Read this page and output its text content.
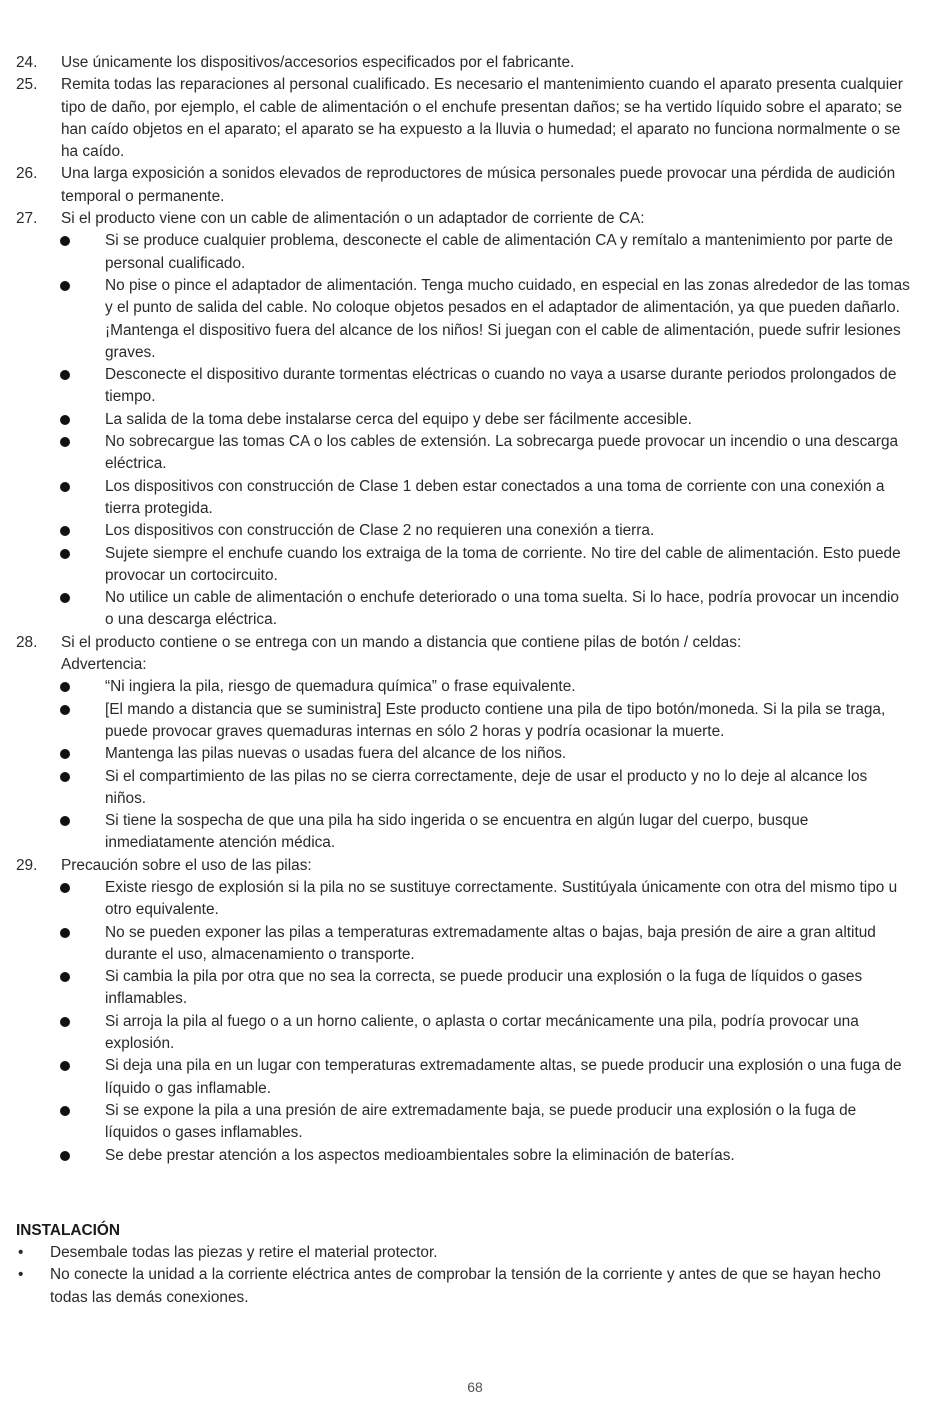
24. Use únicamente los dispositivos/accesorios especificados por el fabricante.
25. Remita todas las reparaciones al personal cualificado. Es necesario el mantenimiento cuando el aparato presenta cualquier tipo de daño, por ejemplo, el cable de alimentación o el enchufe presentan daños; se ha vertido líquido sobre el aparato; se han caído objetos en el aparato; el aparato se ha expuesto a la lluvia o humedad; el aparato no funciona normalmente o se ha caído.
26. Una larga exposición a sonidos elevados de reproductores de música personales puede provocar una pérdida de audición temporal o permanente.
27. Si el producto viene con un cable de alimentación o un adaptador de corriente de CA:
Si se produce cualquier problema, desconecte el cable de alimentación CA y remítalo a mantenimiento por parte de personal cualificado.
No pise o pince el adaptador de alimentación. Tenga mucho cuidado, en especial en las zonas alrededor de las tomas y el punto de salida del cable. No coloque objetos pesados en el adaptador de alimentación, ya que pueden dañarlo. ¡Mantenga el dispositivo fuera del alcance de los niños! Si juegan con el cable de alimentación, puede sufrir lesiones graves.
Desconecte el dispositivo durante tormentas eléctricas o cuando no vaya a usarse durante periodos prolongados de tiempo.
La salida de la toma debe instalarse cerca del equipo y debe ser fácilmente accesible.
No sobrecargue las tomas CA o los cables de extensión. La sobrecarga puede provocar un incendio o una descarga eléctrica.
Los dispositivos con construcción de Clase 1 deben estar conectados a una toma de corriente con una conexión a tierra protegida.
Los dispositivos con construcción de Clase 2 no requieren una conexión a tierra.
Sujete siempre el enchufe cuando los extraiga de la toma de corriente. No tire del cable de alimentación. Esto puede provocar un cortocircuito.
No utilice un cable de alimentación o enchufe deteriorado o una toma suelta. Si lo hace, podría provocar un incendio o una descarga eléctrica.
28. Si el producto contiene o se entrega con un mando a distancia que contiene pilas de botón / celdas:
Advertencia:
“Ni ingiera la pila, riesgo de quemadura química” o frase equivalente.
[El mando a distancia que se suministra] Este producto contiene una pila de tipo botón/moneda. Si la pila se traga, puede provocar graves quemaduras internas en sólo 2 horas y podría ocasionar la muerte.
Mantenga las pilas nuevas o usadas fuera del alcance de los niños.
Si el compartimiento de las pilas no se cierra correctamente, deje de usar el producto y no lo deje al alcance los niños.
Si tiene la sospecha de que una pila ha sido ingerida o se encuentra en algún lugar del cuerpo, busque inmediatamente atención médica.
29. Precaución sobre el uso de las pilas:
Existe riesgo de explosión si la pila no se sustituye correctamente. Sustitúyala únicamente con otra del mismo tipo u otro equivalente.
No se pueden exponer las pilas a temperaturas extremadamente altas o bajas, baja presión de aire a gran altitud durante el uso, almacenamiento o transporte.
Si cambia la pila por otra que no sea la correcta, se puede producir una explosión o la fuga de líquidos o gases inflamables.
Si arroja la pila al fuego o a un horno caliente, o aplasta o cortar mecánicamente una pila, podría provocar una explosión.
Si deja una pila en un lugar con temperaturas extremadamente altas, se puede producir una explosión o una fuga de líquido o gas inflamable.
Si se expone la pila a una presión de aire extremadamente baja, se puede producir una explosión o la fuga de líquidos o gases inflamables.
Se debe prestar atención a los aspectos medioambientales sobre la eliminación de baterías.
INSTALACIÓN
• Desembale todas las piezas y retire el material protector.
• No conecte la unidad a la corriente eléctrica antes de comprobar la tensión de la corriente y antes de que se hayan hecho todas las demás conexiones.
68
